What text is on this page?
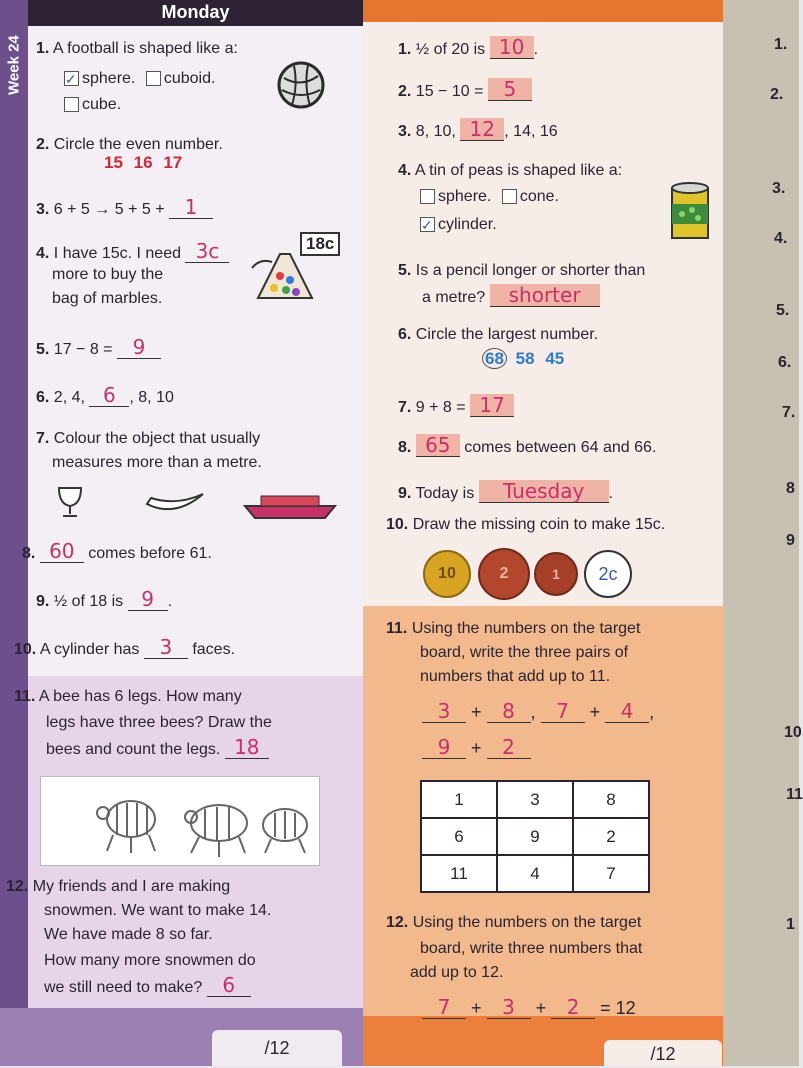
Week 24
Monday
1. A football is shaped like a:
✓sphere. cuboid.
cube.
2. Circle the even number.
15 16 17
3. 6 + 5 → 5 + 5 + 1
4. I have 15c. I need 3c
more to buy the
bag of marbles.
18c
5. 17 − 8 = 9
6. 2, 4, 6 , 8, 10
7. Colour the object that usually
measures more than a metre.
8. 60 comes before 61.
9. ½ of 18 is 9 .
10. A cylinder has 3 faces.
11. A bee has 6 legs. How many
legs have three bees? Draw the
bees and count the legs. 18
12. My friends and I are making
snowmen. We want to make 14.
We have made 8 so far.
How many more snowmen do
we still need to make? 6
/12
1. ½ of 20 is 10 .
2. 15 − 10 = 5
3. 8, 10, 12 , 14, 16
4. A tin of peas is shaped like a:
sphere. cone.
✓cylinder.
5. Is a pencil longer or shorter than
a metre? shorter
6. Circle the largest number.
68 58 45
7. 9 + 8 = 17
8. 65 comes between 64 and 66.
9. Today is Tuesday .
10. Draw the missing coin to make 15c.
10	2	1	2c
11. Using the numbers on the target
board, write the three pairs of
numbers that add up to 11.
3 + 8 , 7 + 4 ,
9 + 2
1	3	8
6	9	2
11	4	7
12. Using the numbers on the target
board, write three numbers that
add up to 12.
7 + 3 + 2 = 12
/12
1.
2.
3.
4.
5.
6.
7.
8
9
10
11
1
